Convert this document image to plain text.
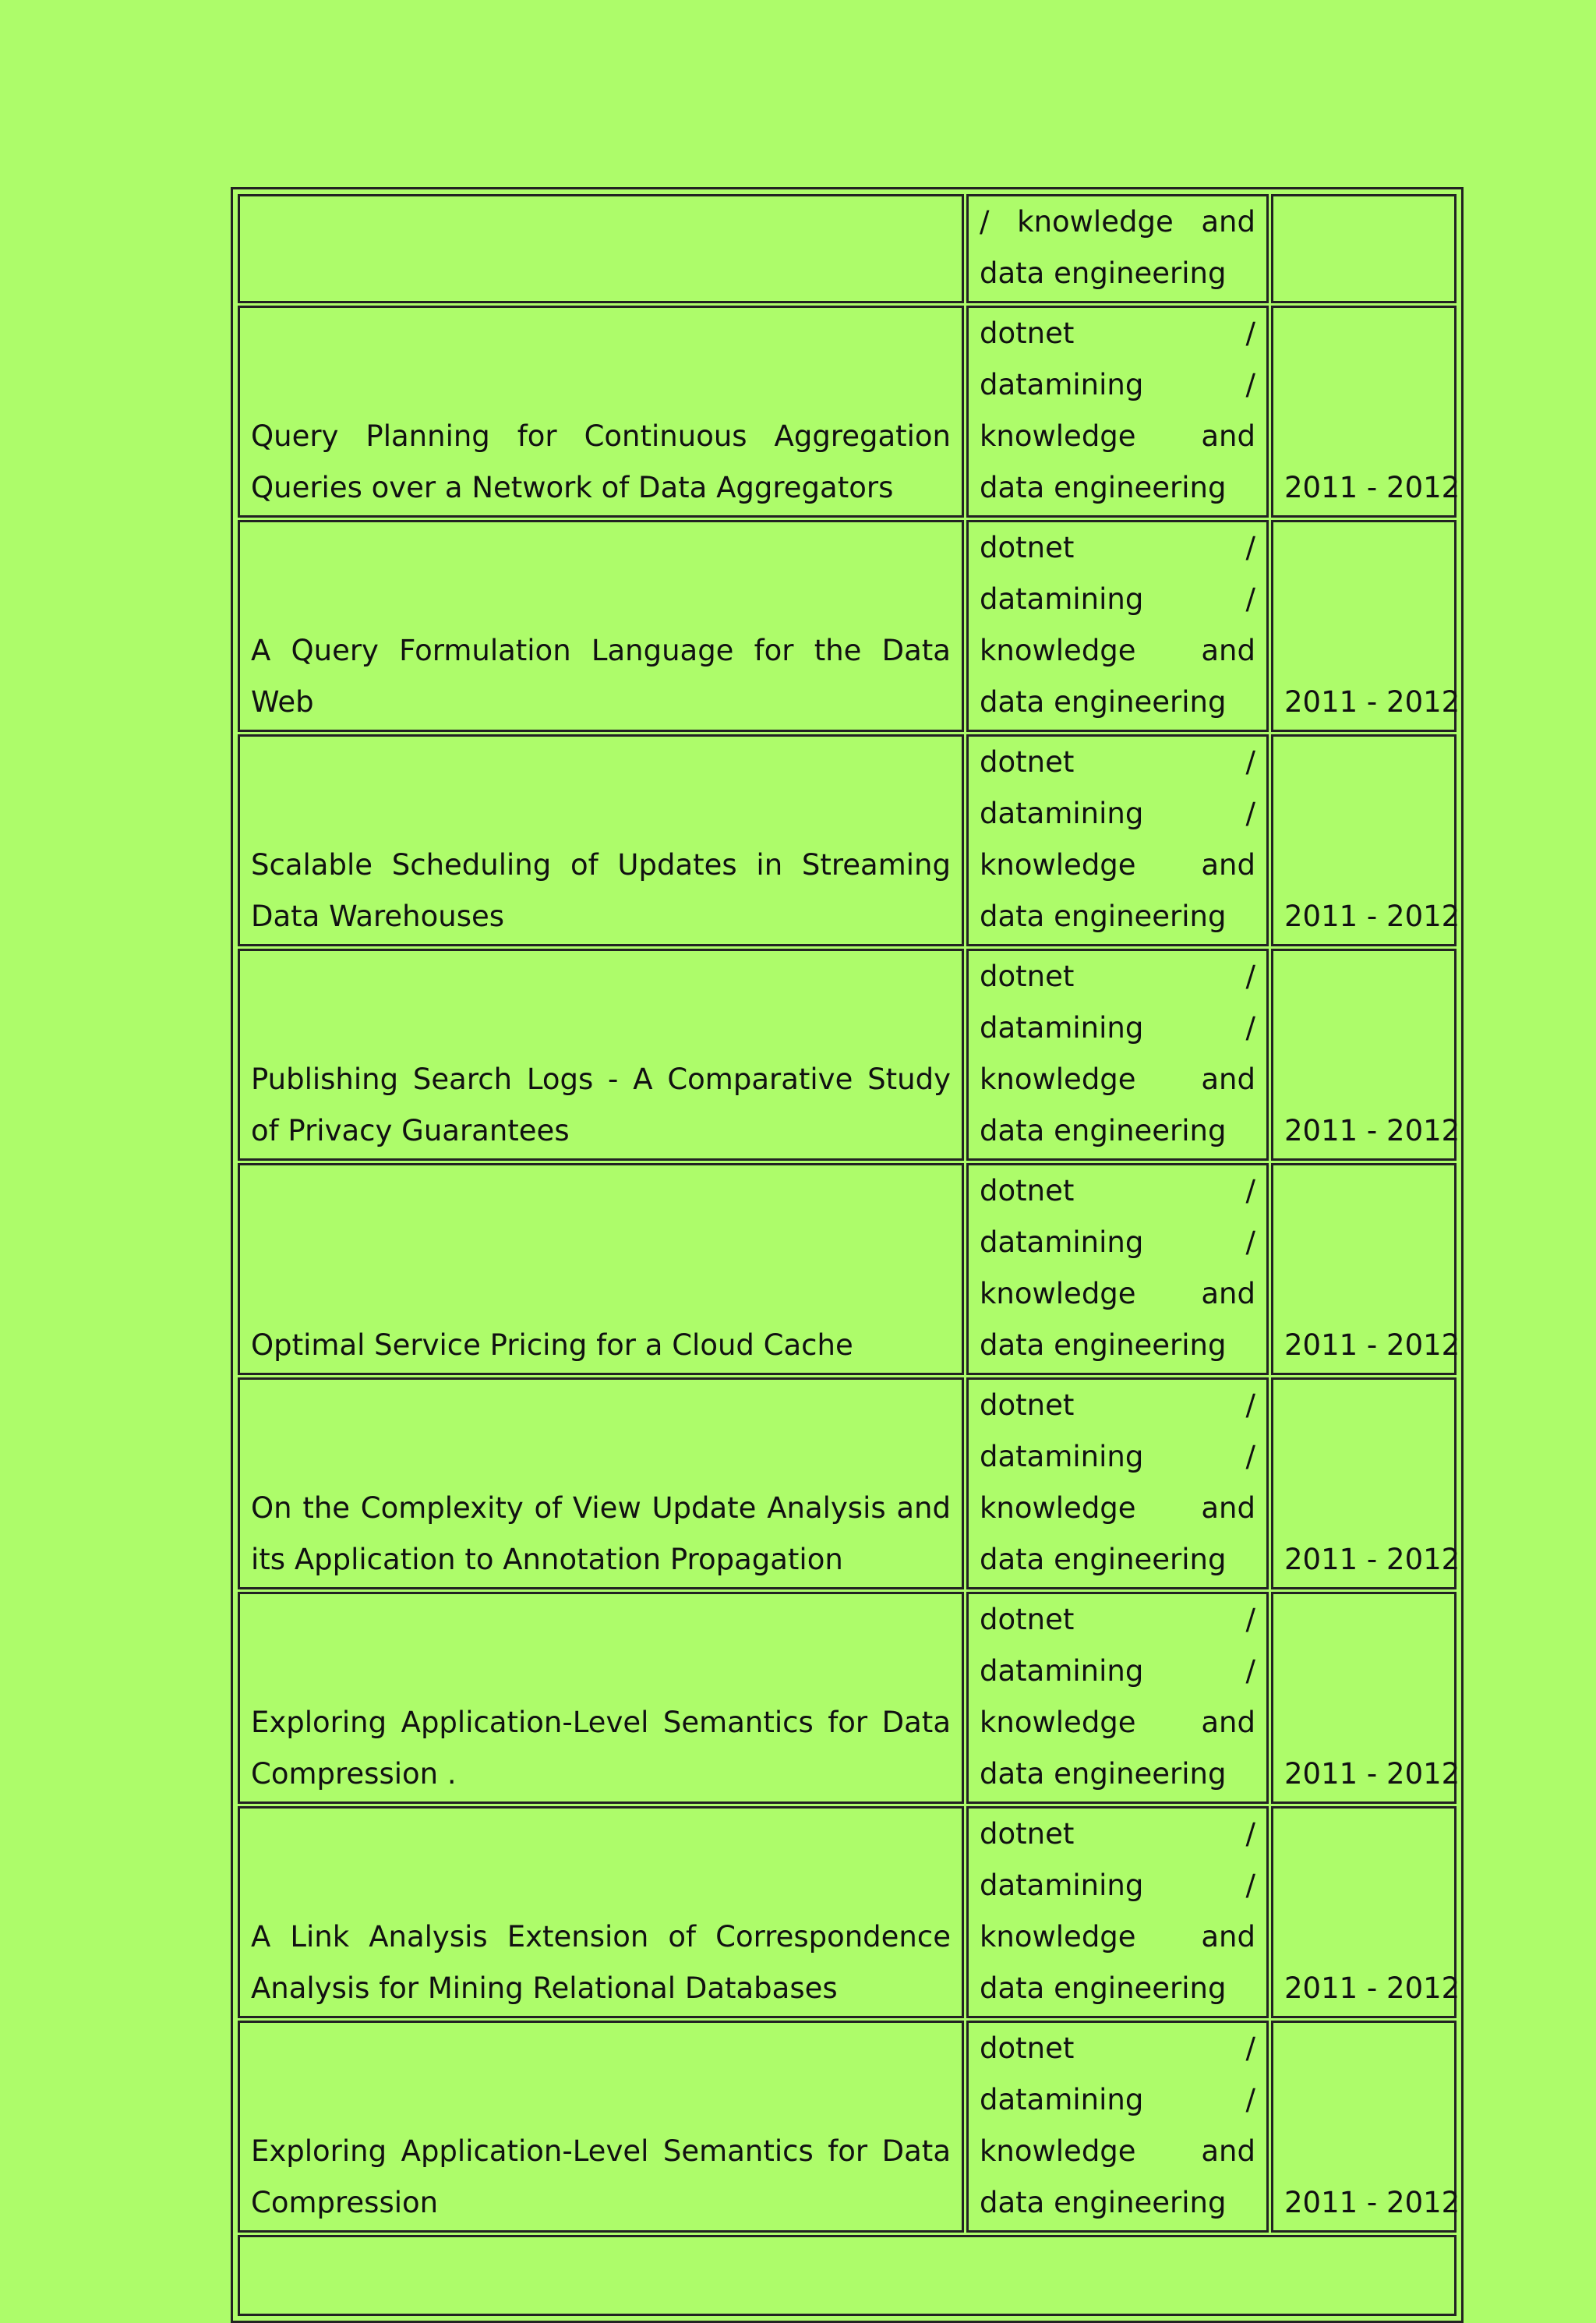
	/ knowledge and data engineering	
Query Planning for Continuous Aggregation Queries over a Network of Data Aggregators	dotnet / datamining / knowledge and data engineering	2011 - 2012
A Query Formulation Language for the Data Web	dotnet / datamining / knowledge and data engineering	2011 - 2012
Scalable Scheduling of Updates in Streaming Data Warehouses	dotnet / datamining / knowledge and data engineering	2011 - 2012
Publishing Search Logs - A Comparative Study of Privacy Guarantees	dotnet / datamining / knowledge and data engineering	2011 - 2012
Optimal Service Pricing for a Cloud Cache	dotnet / datamining / knowledge and data engineering	2011 - 2012
On the Complexity of View Update Analysis and its Application to Annotation Propagation	dotnet / datamining / knowledge and data engineering	2011 - 2012
Exploring Application-Level Semantics for Data Compression .	dotnet / datamining / knowledge and data engineering	2011 - 2012
A Link Analysis Extension of Correspondence Analysis for Mining Relational Databases	dotnet / datamining / knowledge and data engineering	2011 - 2012
Exploring Application-Level Semantics for Data Compression	dotnet / datamining / knowledge and data engineering	2011 - 2012
